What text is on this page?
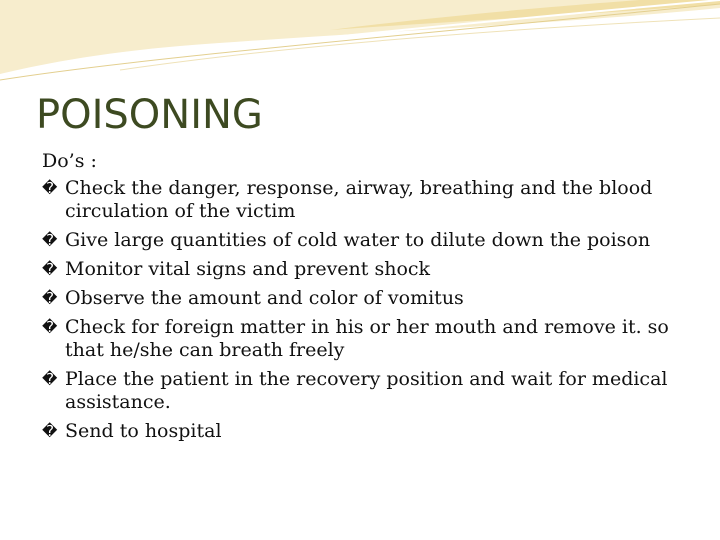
POISONING

Do’s :

� Check the danger, response, airway, breathing and the blood circulation of the victim
� Give large quantities of cold water to dilute down the poison
� Monitor vital signs and prevent shock
� Observe the amount and color of vomitus
� Check for foreign matter in his or her mouth and remove it. so that he/she can breath freely
� Place the patient in the recovery position and wait for medical assistance.
� Send to hospital
